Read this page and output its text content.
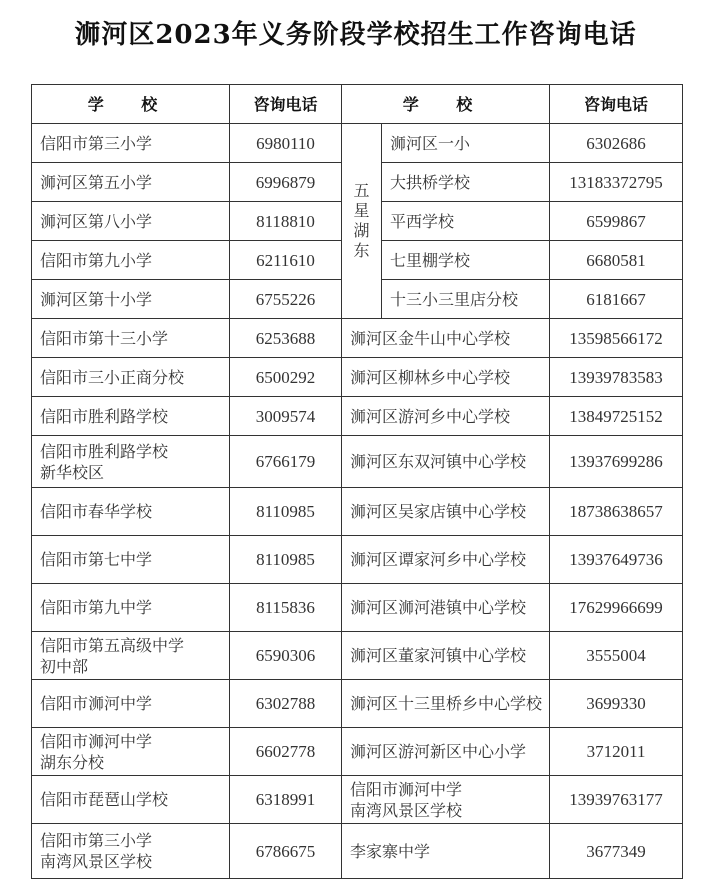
浉河区2023年义务阶段学校招生工作咨询电话
学 校	咨询电话	学 校		咨询电话
信阳市第三小学	6980110	五星湖东	浉河区一小	6302686
浉河区第五小学	6996879		大拱桥学校	13183372795
浉河区第八小学	8118810		平西学校	6599867
信阳市第九小学	6211610		七里棚学校	6680581
浉河区第十小学	6755226		十三小三里店分校	6181667
信阳市第十三小学	6253688	浉河区金牛山中心学校		13598566172
信阳市三小正商分校	6500292	浉河区柳林乡中心学校		13939783583
信阳市胜利路学校	3009574	浉河区游河乡中心学校		13849725152

信阳市胜利路学校
新华校区	6766179	浉河区东双河镇中心学校		13937699286
信阳市春华学校	8110985	浉河区吴家店镇中心学校		18738638657
信阳市第七中学	8110985	浉河区谭家河乡中心学校		13937649736
信阳市第九中学	8115836	浉河区浉河港镇中心学校		17629966699

信阳市第五高级中学
初中部	6590306	浉河区董家河镇中心学校		3555004
信阳市浉河中学	6302788	浉河区十三里桥乡中心学校		3699330

信阳市浉河中学
湖东分校	6602778	浉河区游河新区中心小学		3712011
信阳市琵琶山学校	6318991	信阳市浉河中学
南湾风景区学校		13939763177

信阳市第三小学
南湾风景区学校	6786675	李家寨中学		3677349
